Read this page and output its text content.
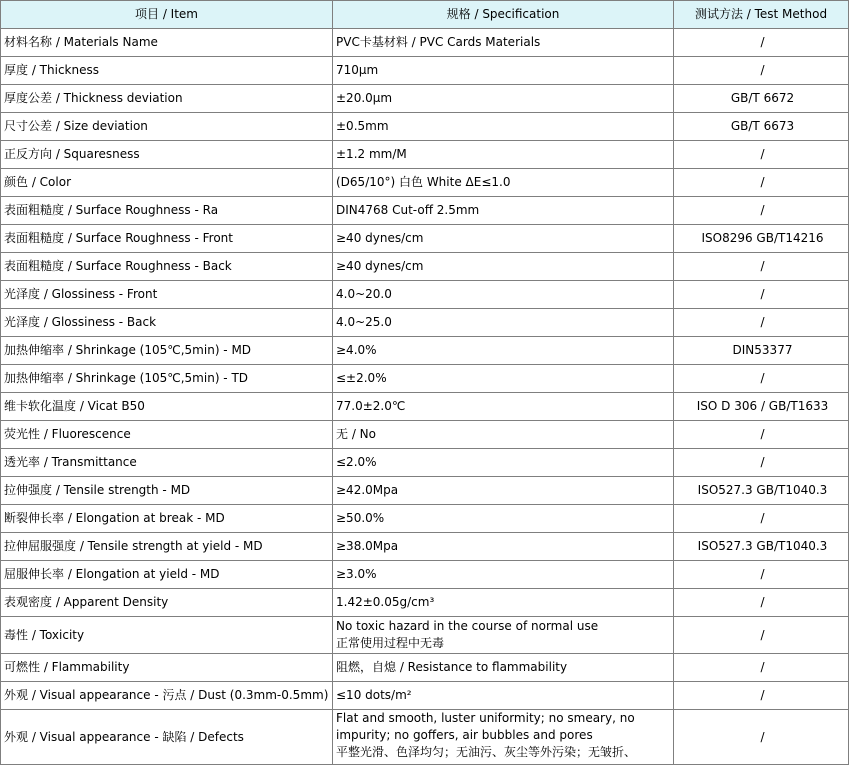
项目 / Item	规格 / Specification	测试方法 / Test Method
材料名称 / Materials Name	PVC卡基材料 / PVC Cards Materials	/
厚度 / Thickness	710μm	/
厚度公差 / Thickness deviation	±20.0μm	GB/T 6672
尺寸公差 / Size deviation	±0.5mm	GB/T 6673
正反方向 / Squaresness	±1.2 mm/M	/
颜色 / Color	(D65/10°) 白色 White ΔE≤1.0	/
表面粗糙度 / Surface Roughness - Ra	DIN4768 Cut-off 2.5mm	/
表面粗糙度 / Surface Roughness - Front	≥40 dynes/cm	ISO8296 GB/T14216
表面粗糙度 / Surface Roughness - Back	≥40 dynes/cm	/
光泽度 / Glossiness - Front	4.0~20.0	/
光泽度 / Glossiness - Back	4.0~25.0	/
加热伸缩率 / Shrinkage (105℃,5min) - MD	≥4.0%	DIN53377
加热伸缩率 / Shrinkage (105℃,5min) - TD	≤±2.0%	/
维卡软化温度 / Vicat B50	77.0±2.0℃	ISO D 306 / GB/T1633
荧光性 / Fluorescence	无 / No	/
透光率 / Transmittance	≤2.0%	/
拉伸强度 / Tensile strength - MD	≥42.0Mpa	ISO527.3 GB/T1040.3
断裂伸长率 / Elongation at break - MD	≥50.0%	/
拉伸屈服强度 / Tensile strength at yield - MD	≥38.0Mpa	ISO527.3 GB/T1040.3
屈服伸长率 / Elongation at yield - MD	≥3.0%	/
表观密度 / Apparent Density	1.42±0.05g/cm³	/
毒性 / Toxicity	No toxic hazard in the course of normal use
正常使用过程中无毒	/
可燃性 / Flammability	阻燃，自熄 / Resistance to flammability	/
外观 / Visual appearance - 污点 / Dust (0.3mm-0.5mm)	≤10 dots/m²	/
外观 / Visual appearance - 缺陷 / Defects	Flat and smooth, luster uniformity; no smeary, no
impurity; no goffers, air bubbles and pores
平整光滑、色泽均匀；无油污、灰尘等外污染；无皱折、	/
